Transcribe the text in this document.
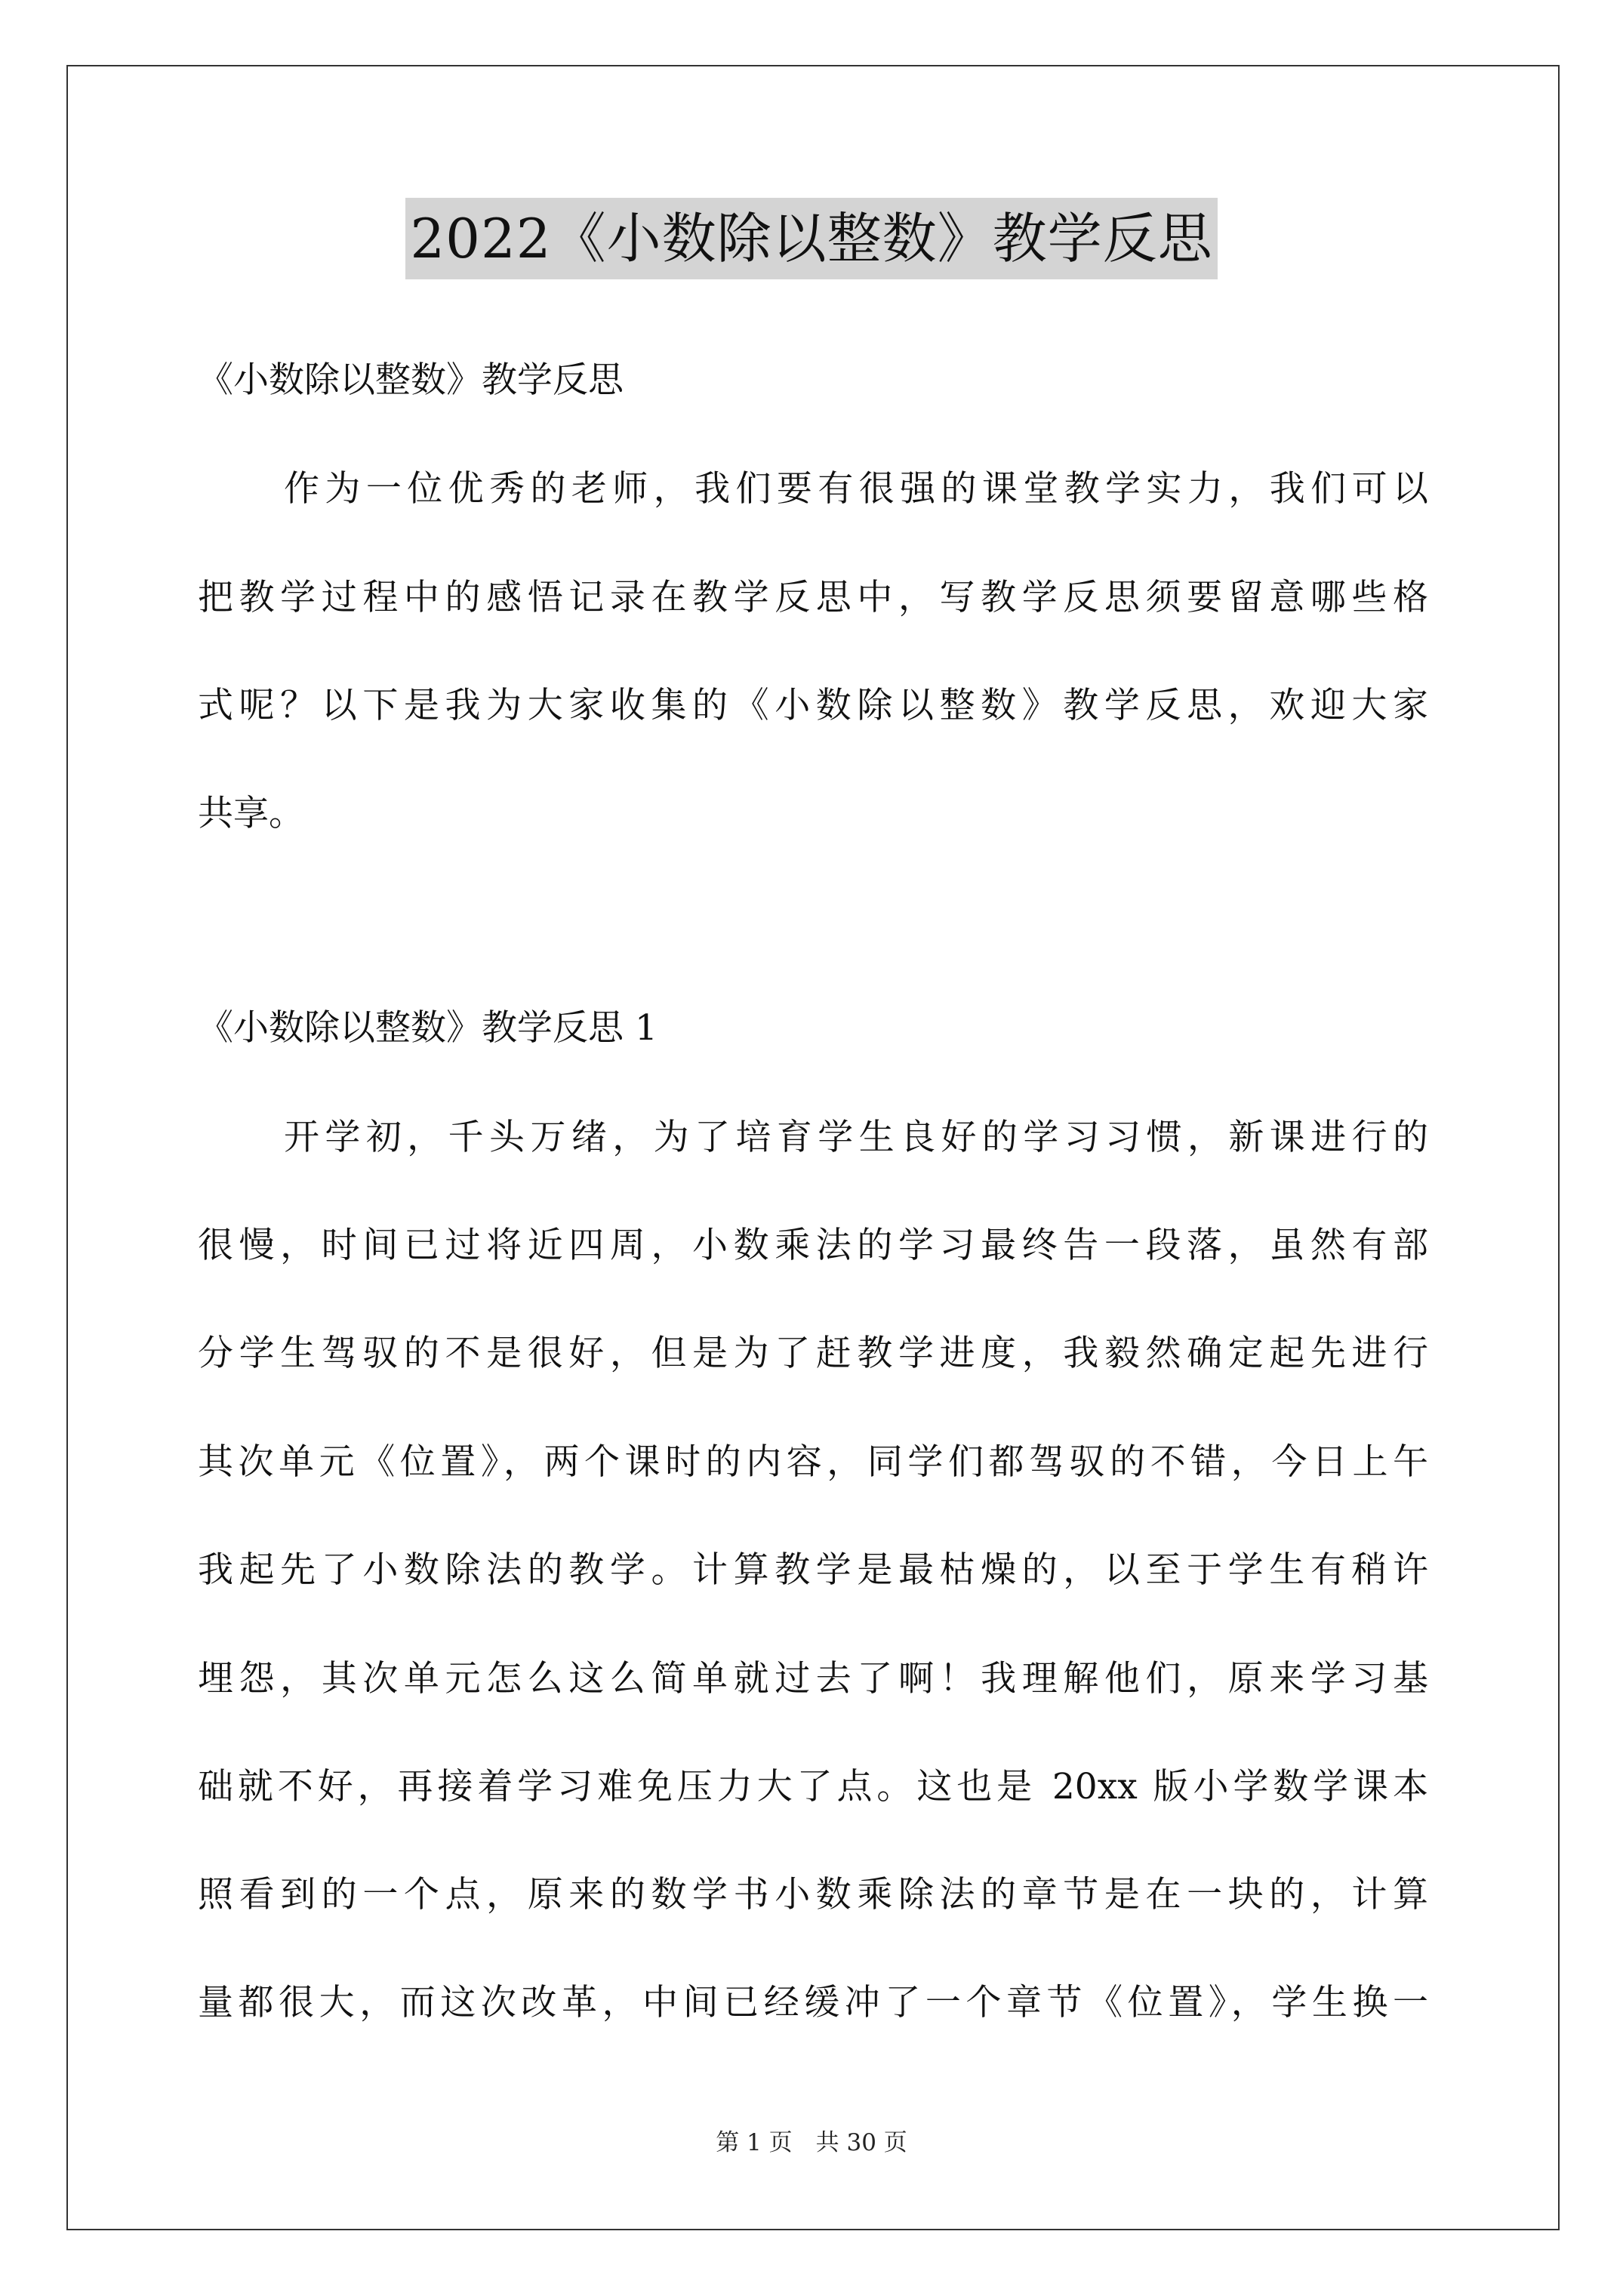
2022《小数除以整数》教学反思
《小数除以整数》教学反思
作为一位优秀的老师，我们要有很强的课堂教学实力，我们可以
把教学过程中的感悟记录在教学反思中，写教学反思须要留意哪些格
式呢？以下是我为大家收集的《小数除以整数》教学反思，欢迎大家
共享。
《小数除以整数》教学反思 1
开学初，千头万绪，为了培育学生良好的学习习惯，新课进行的
很慢，时间已过将近四周，小数乘法的学习最终告一段落，虽然有部
分学生驾驭的不是很好，但是为了赶教学进度，我毅然确定起先进行
其次单元《位置》，两个课时的内容，同学们都驾驭的不错，今日上午
我起先了小数除法的教学。计算教学是最枯燥的，以至于学生有稍许
埋怨，其次单元怎么这么简单就过去了啊！我理解他们，原来学习基
础就不好，再接着学习难免压力大了点。这也是 20xx 版小学数学课本
照看到的一个点，原来的数学书小数乘除法的章节是在一块的，计算
量都很大，而这次改革，中间已经缓冲了一个章节《位置》，学生换一
第 1 页　共 30 页
